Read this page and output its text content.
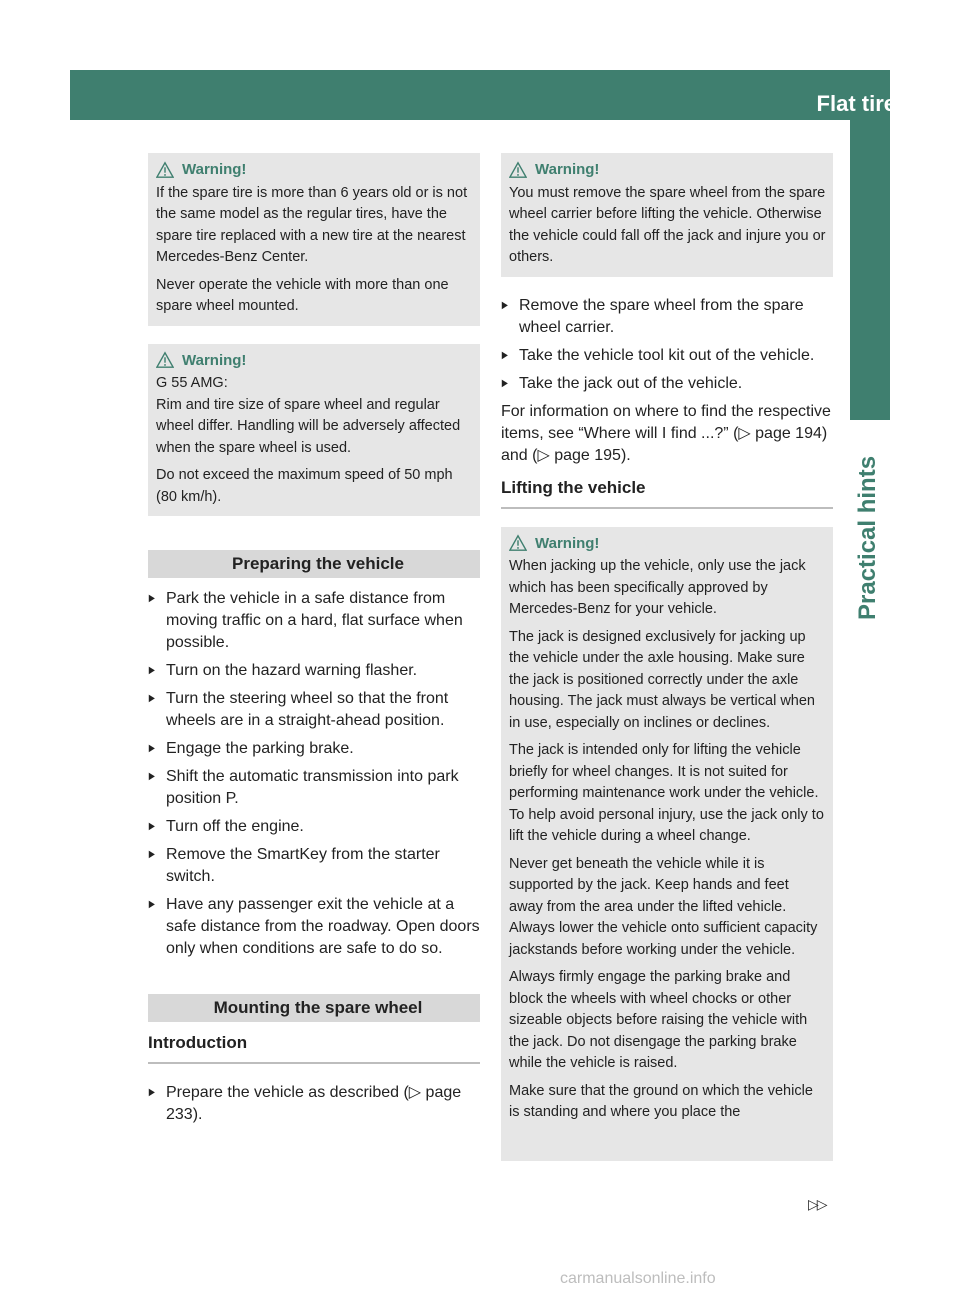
Flat tire 233
Practical hints
Warning!

If the spare tire is more than 6 years old or is not the same model as the regular tires, have the spare tire replaced with a new tire at the nearest Mercedes-Benz Center.

Never operate the vehicle with more than one spare wheel mounted.

Warning!

G 55 AMG:
Rim and tire size of spare wheel and regular wheel differ. Handling will be adversely affected when the spare wheel is used.

Do not exceed the maximum speed of 50 mph (80 km/h).

Preparing the vehicle
▶ Park the vehicle in a safe distance from moving traffic on a hard, flat surface when possible.
▶ Turn on the hazard warning flasher.
▶ Turn the steering wheel so that the front wheels are in a straight-ahead position.
▶ Engage the parking brake.
▶ Shift the automatic transmission into park position P.
▶ Turn off the engine.
▶ Remove the SmartKey from the starter switch.
▶ Have any passenger exit the vehicle at a safe distance from the roadway. Open doors only when conditions are safe to do so.
Mounting the spare wheel
Introduction
▶ Prepare the vehicle as described (▷ page 233).
Warning!

You must remove the spare wheel from the spare wheel carrier before lifting the vehicle. Otherwise the vehicle could fall off the jack and injure you or others.

▶ Remove the spare wheel from the spare wheel carrier.
▶ Take the vehicle tool kit out of the vehicle.
▶ Take the jack out of the vehicle.

For information on where to find the respective items, see “Where will I find ...?” (▷ page 194) and (▷ page 195).

Lifting the vehicle
Warning!

When jacking up the vehicle, only use the jack which has been specifically approved by Mercedes-Benz for your vehicle.

The jack is designed exclusively for jacking up the vehicle under the axle housing. Make sure the jack is positioned correctly under the axle housing. The jack must always be vertical when in use, especially on inclines or declines.

The jack is intended only for lifting the vehicle briefly for wheel changes. It is not suited for performing maintenance work under the vehicle. To help avoid personal injury, use the jack only to lift the vehicle during a wheel change.

Never get beneath the vehicle while it is supported by the jack. Keep hands and feet away from the area under the lifted vehicle. Always lower the vehicle onto sufficient capacity jackstands before working under the vehicle.

Always firmly engage the parking brake and block the wheels with wheel chocks or other sizeable objects before raising the vehicle with the jack. Do not disengage the parking brake while the vehicle is raised.

Make sure that the ground on which the vehicle is standing and where you place the

▷▷
carmanualsonline.info
